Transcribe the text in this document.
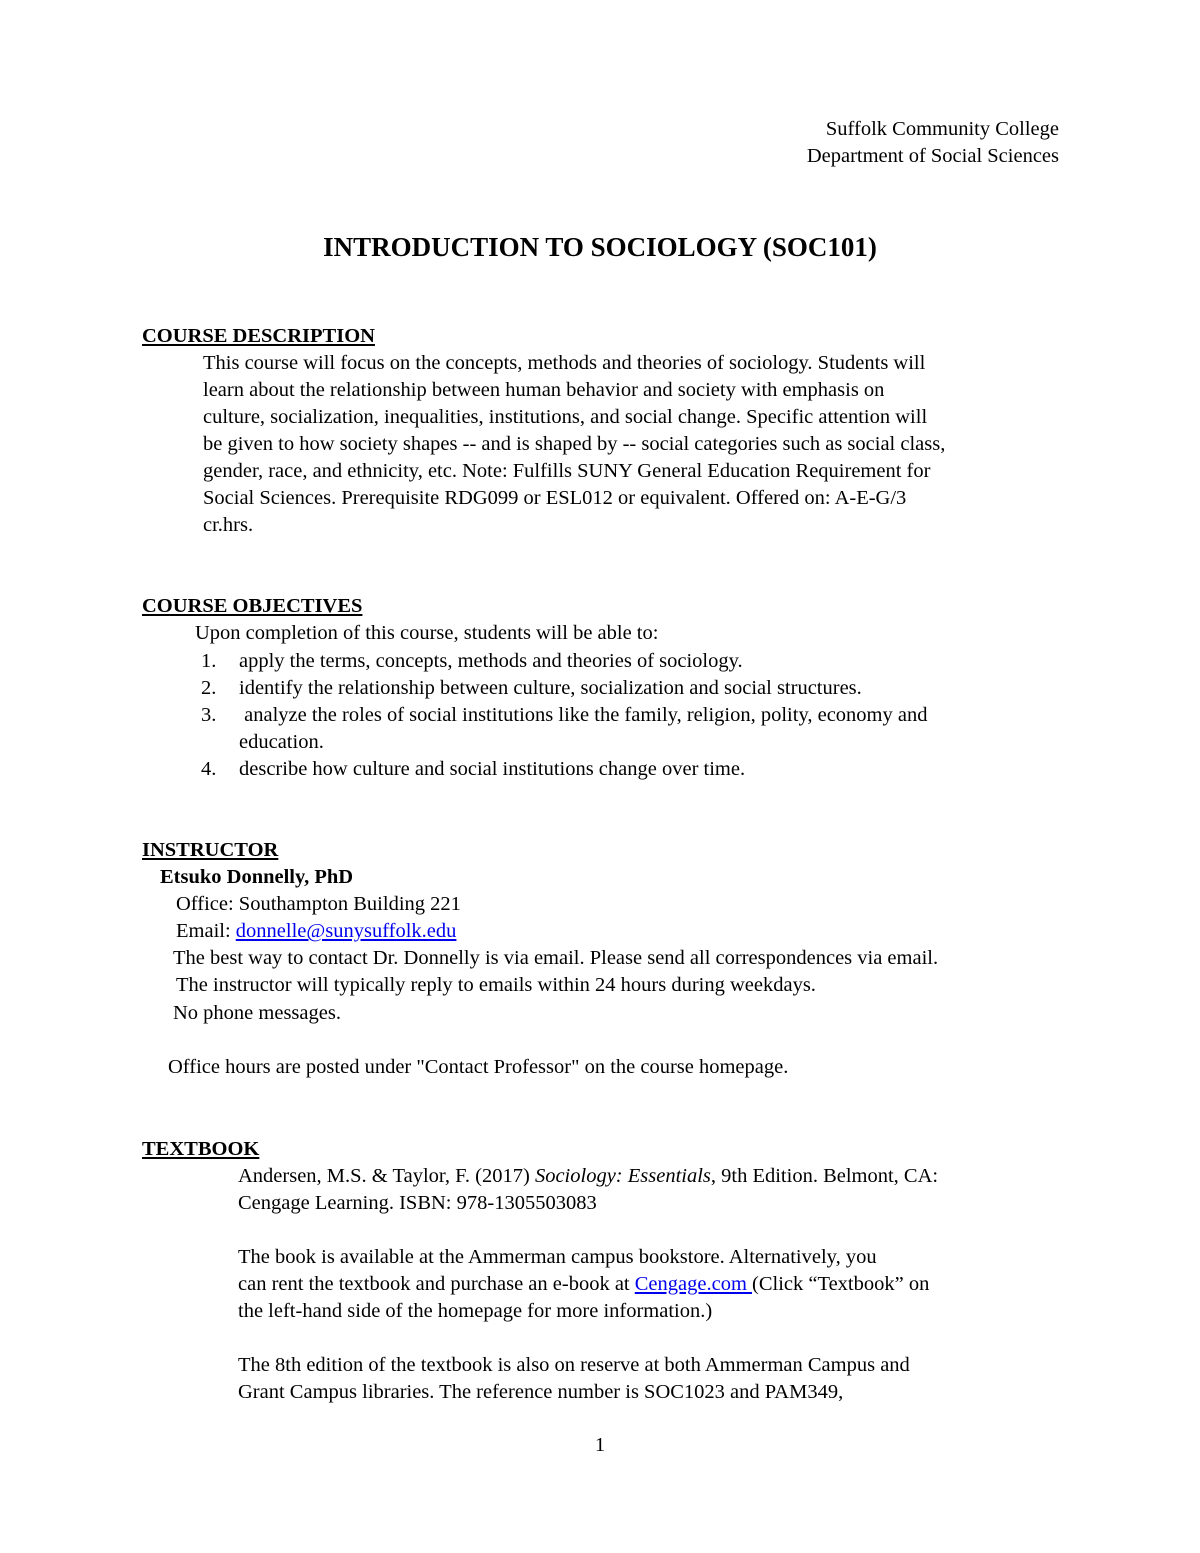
Suffolk Community College
Department of Social Sciences
INTRODUCTION TO SOCIOLOGY (SOC101)
COURSE DESCRIPTION
This course will focus on the concepts, methods and theories of sociology. Students will
learn about the relationship between human behavior and society with emphasis on
culture, socialization, inequalities, institutions, and social change. Specific attention will
be given to how society shapes -- and is shaped by -- social categories such as social class,
gender, race, and ethnicity, etc. Note: Fulfills SUNY General Education Requirement for
Social Sciences. Prerequisite RDG099 or ESL012 or equivalent. Offered on: A-E-G/3
cr.hrs.
COURSE OBJECTIVES
Upon completion of this course, students will be able to:
1. apply the terms, concepts, methods and theories of sociology.
2. identify the relationship between culture, socialization and social structures.
3. analyze the roles of social institutions like the family, religion, polity, economy and
education.
4. describe how culture and social institutions change over time.
INSTRUCTOR
Etsuko Donnelly, PhD
Office: Southampton Building 221
Email: donnelle@sunysuffolk.edu
The best way to contact Dr. Donnelly is via email. Please send all correspondences via email.
The instructor will typically reply to emails within 24 hours during weekdays.
No phone messages.
Office hours are posted under "Contact Professor" on the course homepage.
TEXTBOOK
Andersen, M.S. & Taylor, F. (2017) Sociology: Essentials, 9th Edition. Belmont, CA:
Cengage Learning. ISBN: 978-1305503083
The book is available at the Ammerman campus bookstore. Alternatively, you
can rent the textbook and purchase an e-book at Cengage.com (Click “Textbook” on
the left-hand side of the homepage for more information.)
The 8th edition of the textbook is also on reserve at both Ammerman Campus and
Grant Campus libraries. The reference number is SOC1023 and PAM349,
1
